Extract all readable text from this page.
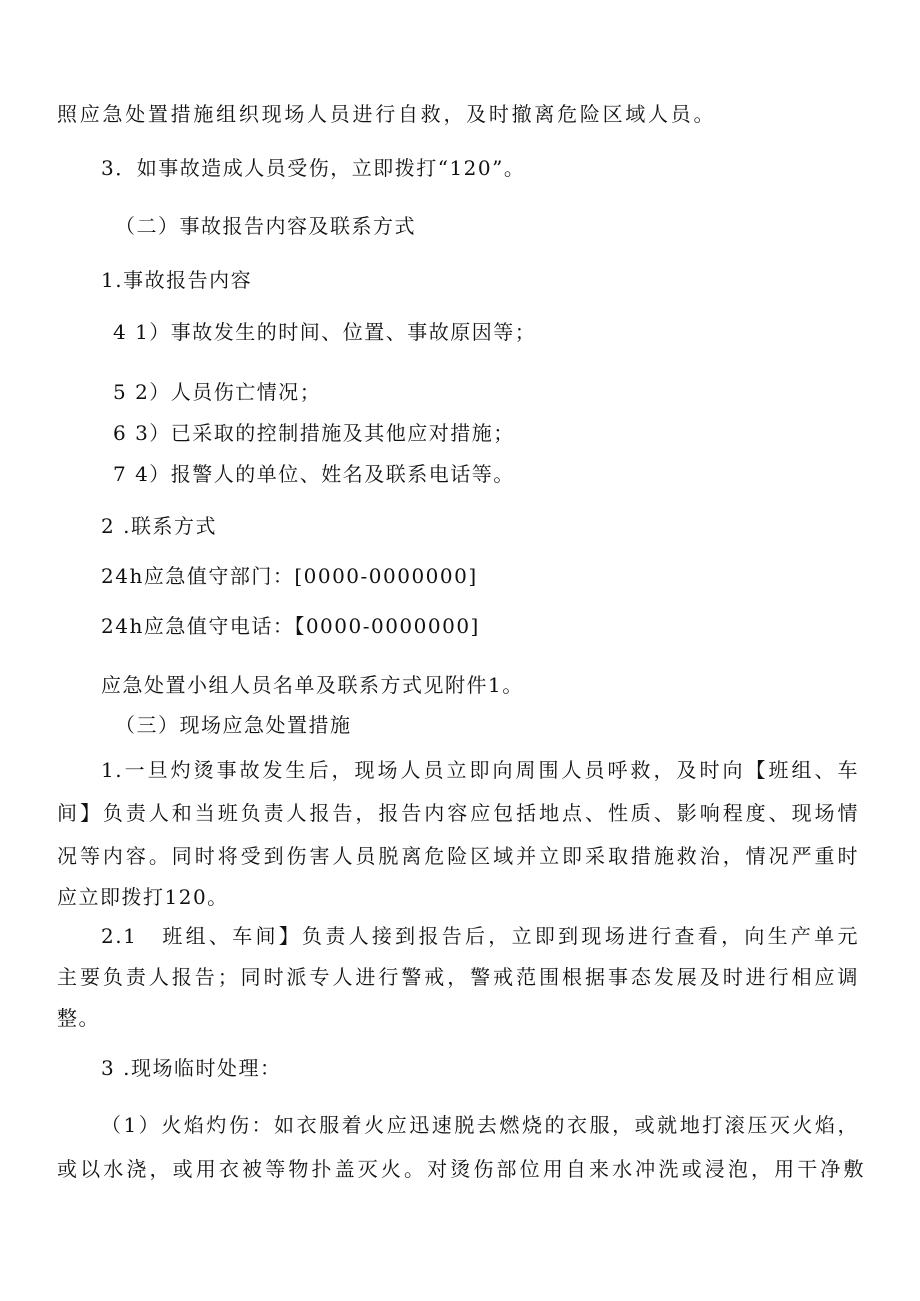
照应急处置措施组织现场人员进行自救，及时撤离危险区域人员。
3．如事故造成人员受伤，立即拨打“120”。
（二）事故报告内容及联系方式
1.事故报告内容
4 1）事故发生的时间、位置、事故原因等；
5 2）人员伤亡情况；
6 3）已采取的控制措施及其他应对措施；
7 4）报警人的单位、姓名及联系电话等。
2 .联系方式
24h应急值守部门：[0000-0000000]
24h应急值守电话：【0000-0000000]
应急处置小组人员名单及联系方式见附件1。
（三）现场应急处置措施
1.一旦灼烫事故发生后，现场人员立即向周围人员呼救，及时向【班组、车
间】负责人和当班负责人报告，报告内容应包括地点、性质、影响程度、现场情
况等内容。同时将受到伤害人员脱离危险区域并立即采取措施救治，情况严重时
应立即拨打120。
2.1　班组、车间】负责人接到报告后，立即到现场进行查看，向生产单元
主要负责人报告；同时派专人进行警戒，警戒范围根据事态发展及时进行相应调
整。
3 .现场临时处理：
（1）火焰灼伤：如衣服着火应迅速脱去燃烧的衣服，或就地打滚压灭火焰，
或以水浇，或用衣被等物扑盖灭火。对烫伤部位用自来水冲洗或浸泡，用干净敷
